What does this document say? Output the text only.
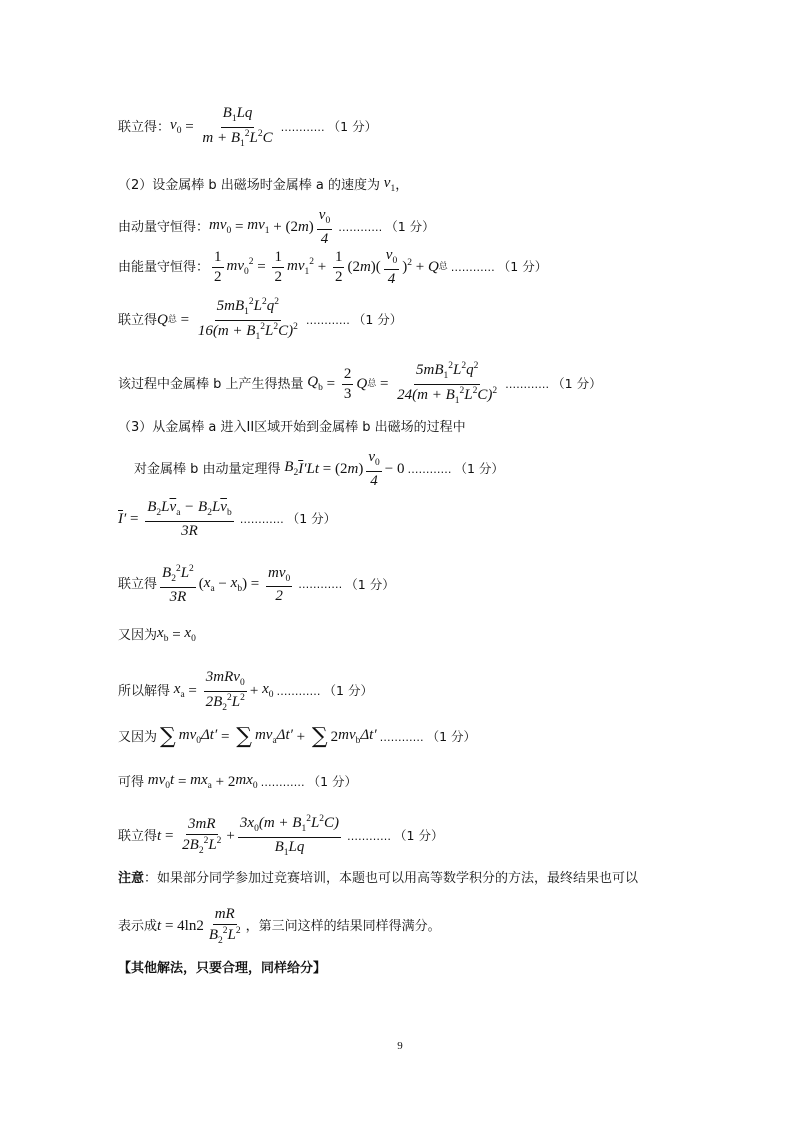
联立得： $v_0 = \frac{B_1Lq}{m + B_1^2L^2C}$ ………… （1 分）
（2）设金属棒 b 出磁场时金属棒 a 的速度为 $v_1$ ，
由动量守恒得： $mv_0 = mv_1 + (2$ m ) $\frac{v_0}{4}$ ………… （1 分）
由能量守恒得： $\frac{1}{2} mv_0^2 = \frac{1}{2} mv_1^2 + \frac{1}{2} (2$ m )( $\frac{v_0}{4} )^2 + Q$ 总 ………… （1 分）
联立得 Q 总 = $\frac{5mB_1^2L^2q^2}{16(m + B_1^2L^2C)^2}$ ………… （1 分）
该过程中金属棒 b 上产生得热量 $Q_b = \frac{2}{3}$ Q 总 = $\frac{5mB_1^2L^2q^2}{24(m + B_1^2L^2C)^2}$ ………… （1 分）
（3）从金属棒 a 进入II区域开始到金属棒 b 出磁场的过程中
对金属棒 b 由动量定理得 $B_2$ $\overline{I}$ ′Lt = (2 m ) $\frac{v_0}{4} - 0$ ………… （1 分）
$\overline{I}$ ′ = $\frac{B_2L\overline{v}_a - B_2L\overline{v}_b}{3R}$ ………… （1 分）
联立得 $\frac{B_2^2L^2}{3R}$ ( $x_a - x_b$ ) = $\frac{mv_0}{2}$ ………… （1 分）
又因为 $x_b = x_0$
所以解得 $x_a = \frac{3mRv_0}{2B_2^2L^2} + x_0$ ………… （1 分）
又因为 ∑ $mv_0\Delta t'$ = ∑ $mv_a\Delta t'$ + ∑ 2 $mv_b\Delta t'$ ………… （1 分）
可得 $mv_0t = mx_a + 2$ $mx_0$ ………… （1 分）
联立得 $t = \frac{3mR}{2B_2^2L^2} + \frac{3x_0(m + B_1^2L^2C)}{B_1Lq}$ ………… （1 分）
注意 ：如果部分同学参加过竞赛培训，本题也可以用高等数学积分的方法，最终结果也可以
表示成 $t = 4\ln 2 \frac{mR}{B_2^2L^2}$ ，第三问这样的结果同样得满分。
【其他解法，只要合理，同样给分】
9
